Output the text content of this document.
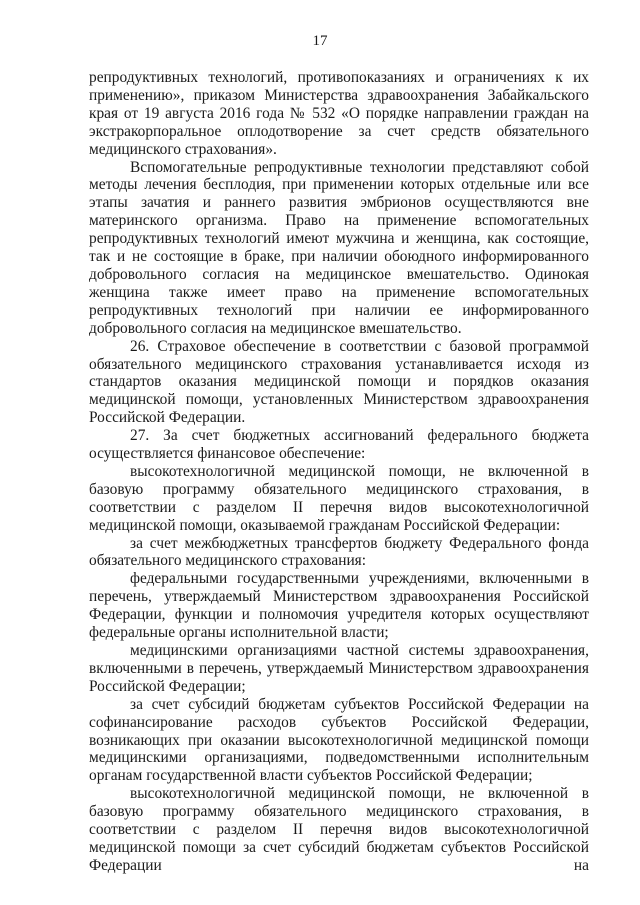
17

репродуктивных технологий, противопоказаниях и ограничениях к их применению», приказом Министерства здравоохранения Забайкальского края от 19 августа 2016 года № 532 «О порядке направлении граждан на экстракорпоральное оплодотворение за счет средств обязательного медицинского страхования».

Вспомогательные репродуктивные технологии представляют собой методы лечения бесплодия, при применении которых отдельные или все этапы зачатия и раннего развития эмбрионов осуществляются вне материнского организма. Право на применение вспомогательных репродуктивных технологий имеют мужчина и женщина, как состоящие, так и не состоящие в браке, при наличии обоюдного информированного добровольного согласия на медицинское вмешательство. Одинокая женщина также имеет право на применение вспомогательных репродуктивных технологий при наличии ее информированного добровольного согласия на медицинское вмешательство.

26. Страховое обеспечение в соответствии с базовой программой обязательного медицинского страхования устанавливается исходя из стандартов оказания медицинской помощи и порядков оказания медицинской помощи, установленных Министерством здравоохранения Российской Федерации.

27. За счет бюджетных ассигнований федерального бюджета осуществляется финансовое обеспечение:

высокотехнологичной медицинской помощи, не включенной в базовую программу обязательного медицинского страхования, в соответствии с разделом II перечня видов высокотехнологичной медицинской помощи, оказываемой гражданам Российской Федерации:

за счет межбюджетных трансфертов бюджету Федерального фонда обязательного медицинского страхования:

федеральными государственными учреждениями, включенными в перечень, утверждаемый Министерством здравоохранения Российской Федерации, функции и полномочия учредителя которых осуществляют федеральные органы исполнительной власти;

медицинскими организациями частной системы здравоохранения, включенными в перечень, утверждаемый Министерством здравоохранения Российской Федерации;

за счет субсидий бюджетам субъектов Российской Федерации на софинансирование расходов субъектов Российской Федерации, возникающих при оказании высокотехнологичной медицинской помощи медицинскими организациями, подведомственными исполнительным органам государственной власти субъектов Российской Федерации;

высокотехнологичной медицинской помощи, не включенной в базовую программу обязательного медицинского страхования, в соответствии с разделом II перечня видов высокотехнологичной медицинской помощи за счет субсидий бюджетам субъектов Российской Федерации на
